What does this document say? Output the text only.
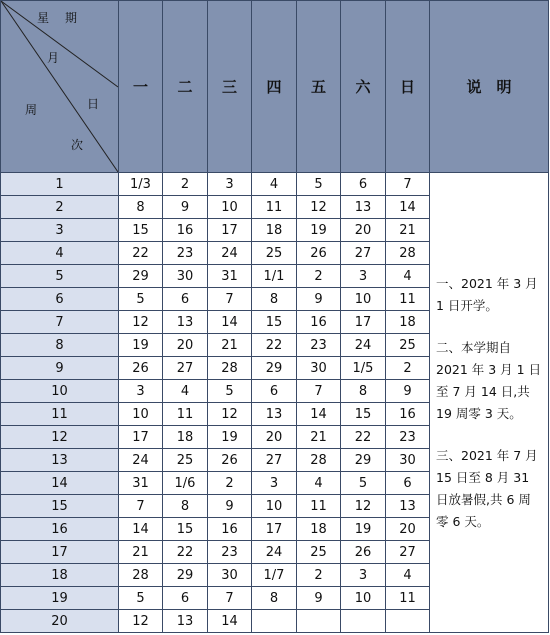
星　期
月
日
周
次	一	二	三	四	五	六	日	说　明
1	1/3	2	3	4	5	6	7	一、2021 年 3 月 1 日开学。

二、本学期自 2021 年 3 月 1 日至 7 月 14 日,共 19 周零 3 天。

三、2021 年 7 月 15 日至 8 月 31 日放暑假,共 6 周零 6 天。

2	8	9	10	11	12	13	14	
3	15	16	17	18	19	20	21	
4	22	23	24	25	26	27	28	
5	29	30	31	1/1	2	3	4	
6	5	6	7	8	9	10	11	
7	12	13	14	15	16	17	18	
8	19	20	21	22	23	24	25	
9	26	27	28	29	30	1/5	2	
10	3	4	5	6	7	8	9	
11	10	11	12	13	14	15	16	
12	17	18	19	20	21	22	23	
13	24	25	26	27	28	29	30	
14	31	1/6	2	3	4	5	6	
15	7	8	9	10	11	12	13	
16	14	15	16	17	18	19	20	
17	21	22	23	24	25	26	27	
18	28	29	30	1/7	2	3	4	
19	5	6	7	8	9	10	11	
20	12	13	14					
